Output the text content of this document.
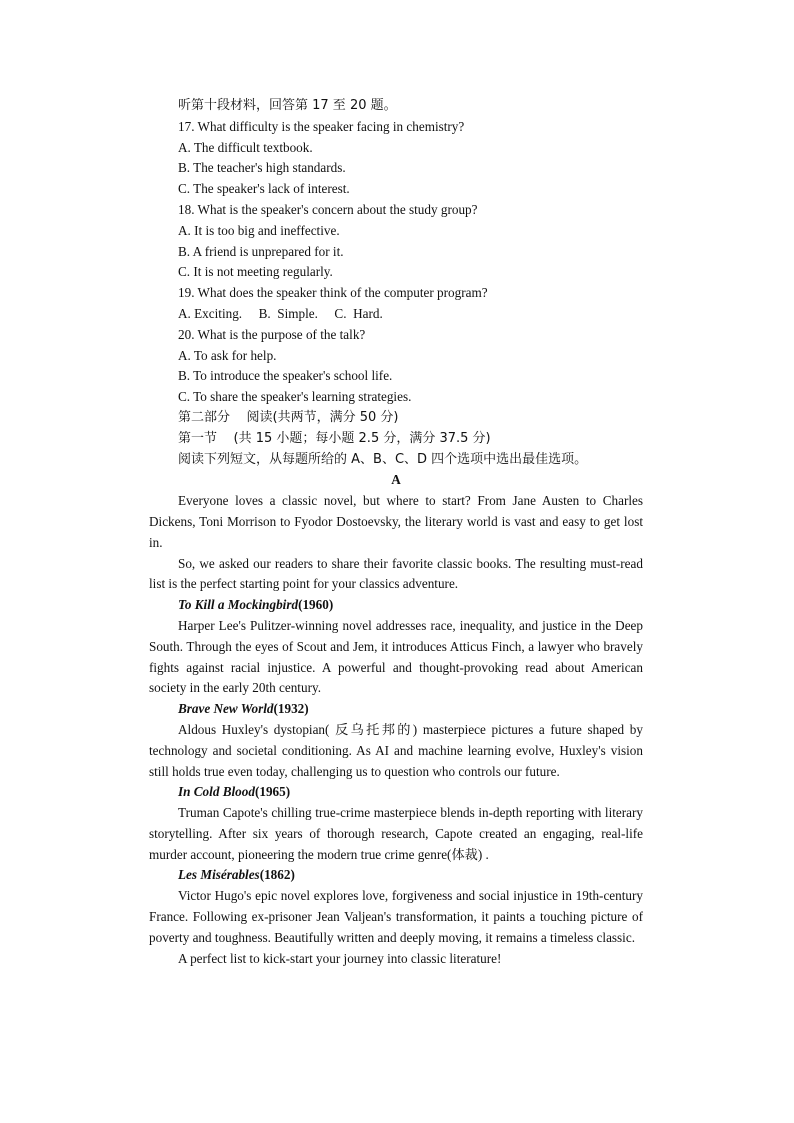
听第十段材料，回答第 17 至 20 题。
17. What difficulty is the speaker facing in chemistry?
A. The difficult textbook.
B. The teacher's high standards.
C. The speaker's lack of interest.
18. What is the speaker's concern about the study group?
A. It is too big and ineffective.
B. A friend is unprepared for it.
C. It is not meeting regularly.
19. What does the speaker think of the computer program?
A. Exciting.     B.  Simple.     C.  Hard.
20. What is the purpose of the talk?
A. To ask for help.
B. To introduce the speaker's school life.
C. To share the speaker's learning strategies.
第二部分    阅读(共两节，满分 50 分)
第一节    (共 15 小题；每小题 2.5 分，满分 37.5 分)
阅读下列短文，从每题所给的 A、B、C、D 四个选项中选出最佳选项。
A

Everyone loves a classic novel, but where to start? From Jane Austen to Charles Dickens, Toni Morrison to Fyodor Dostoevsky, the literary world is vast and easy to get lost in.

So, we asked our readers to share their favorite classic books. The resulting must-read list is the perfect starting point for your classics adventure.

To Kill a Mockingbird(1960)

Harper Lee's Pulitzer-winning novel addresses race, inequality, and justice in the Deep South. Through the eyes of Scout and Jem, it introduces Atticus Finch, a lawyer who bravely fights against racial injustice. A powerful and thought-provoking read about American society in the early 20th century.

Brave New World(1932)

Aldous Huxley's dystopian( 反乌托邦的) masterpiece pictures a future shaped by technology and societal conditioning. As AI and machine learning evolve, Huxley's vision still holds true even today, challenging us to question who controls our future.

In Cold Blood(1965)

Truman Capote's chilling true-crime masterpiece blends in-depth reporting with literary storytelling. After six years of thorough research, Capote created an engaging, real-life murder account, pioneering the modern true crime genre(体裁) .

Les Misérables(1862)

Victor Hugo's epic novel explores love, forgiveness and social injustice in 19th-century France. Following ex-prisoner Jean Valjean's transformation, it paints a touching picture of poverty and toughness. Beautifully written and deeply moving, it remains a timeless classic.

A perfect list to kick-start your journey into classic literature!
